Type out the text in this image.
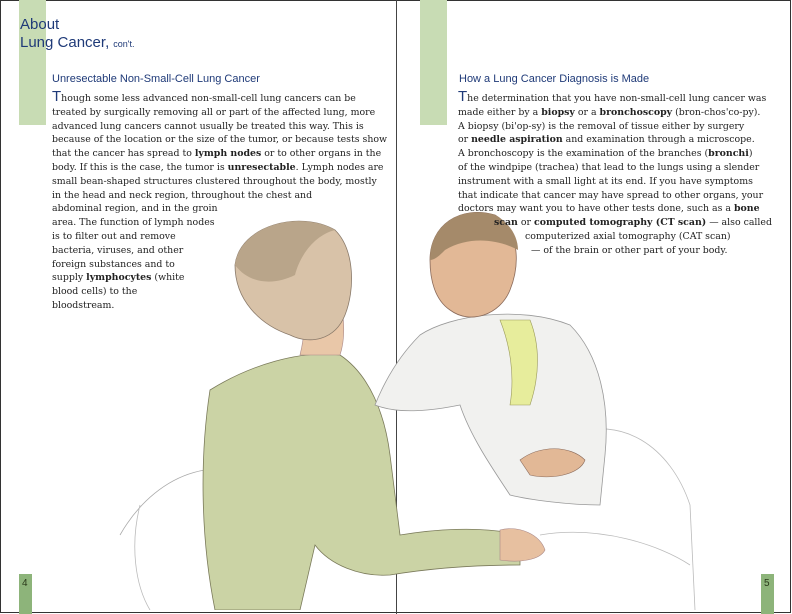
About
Lung Cancer, con't.
Unresectable Non-Small-Cell Lung Cancer	How a Lung Cancer Diagnosis is Made
Though some less advanced non-small-cell lung cancers can be
treated by surgically removing all or part of the affected lung, more
advanced lung cancers cannot usually be treated this way. This is
because of the location or the size of the tumor, or because tests show
that the cancer has spread to lymph nodes or to other organs in the
body. If this is the case, the tumor is unresectable. Lymph nodes are
small bean-shaped structures clustered throughout the body, mostly
in the head and neck region, throughout the chest and
abdominal region, and in the groin
area. The function of lymph nodes
is to filter out and remove
bacteria, viruses, and other
foreign substances and to
supply lymphocytes (white
blood cells) to the
bloodstream.
The determination that you have non-small-cell lung cancer was
made either by a biopsy or a bronchoscopy (bron-chos'co-py).
A biopsy (bi'op-sy) is the removal of tissue either by surgery
or needle aspiration and examination through a microscope.
A bronchoscopy is the examination of the branches (bronchi)
of the windpipe (trachea) that lead to the lungs using a slender
instrument with a small light at its end. If you have symptoms
that indicate that cancer may have spread to other organs, your
doctors may want you to have other tests done, such as a bone
scan or computed tomography (CT scan) — also called
computerized axial tomography (CAT scan)
— of the brain or other part of your body.
4	5
